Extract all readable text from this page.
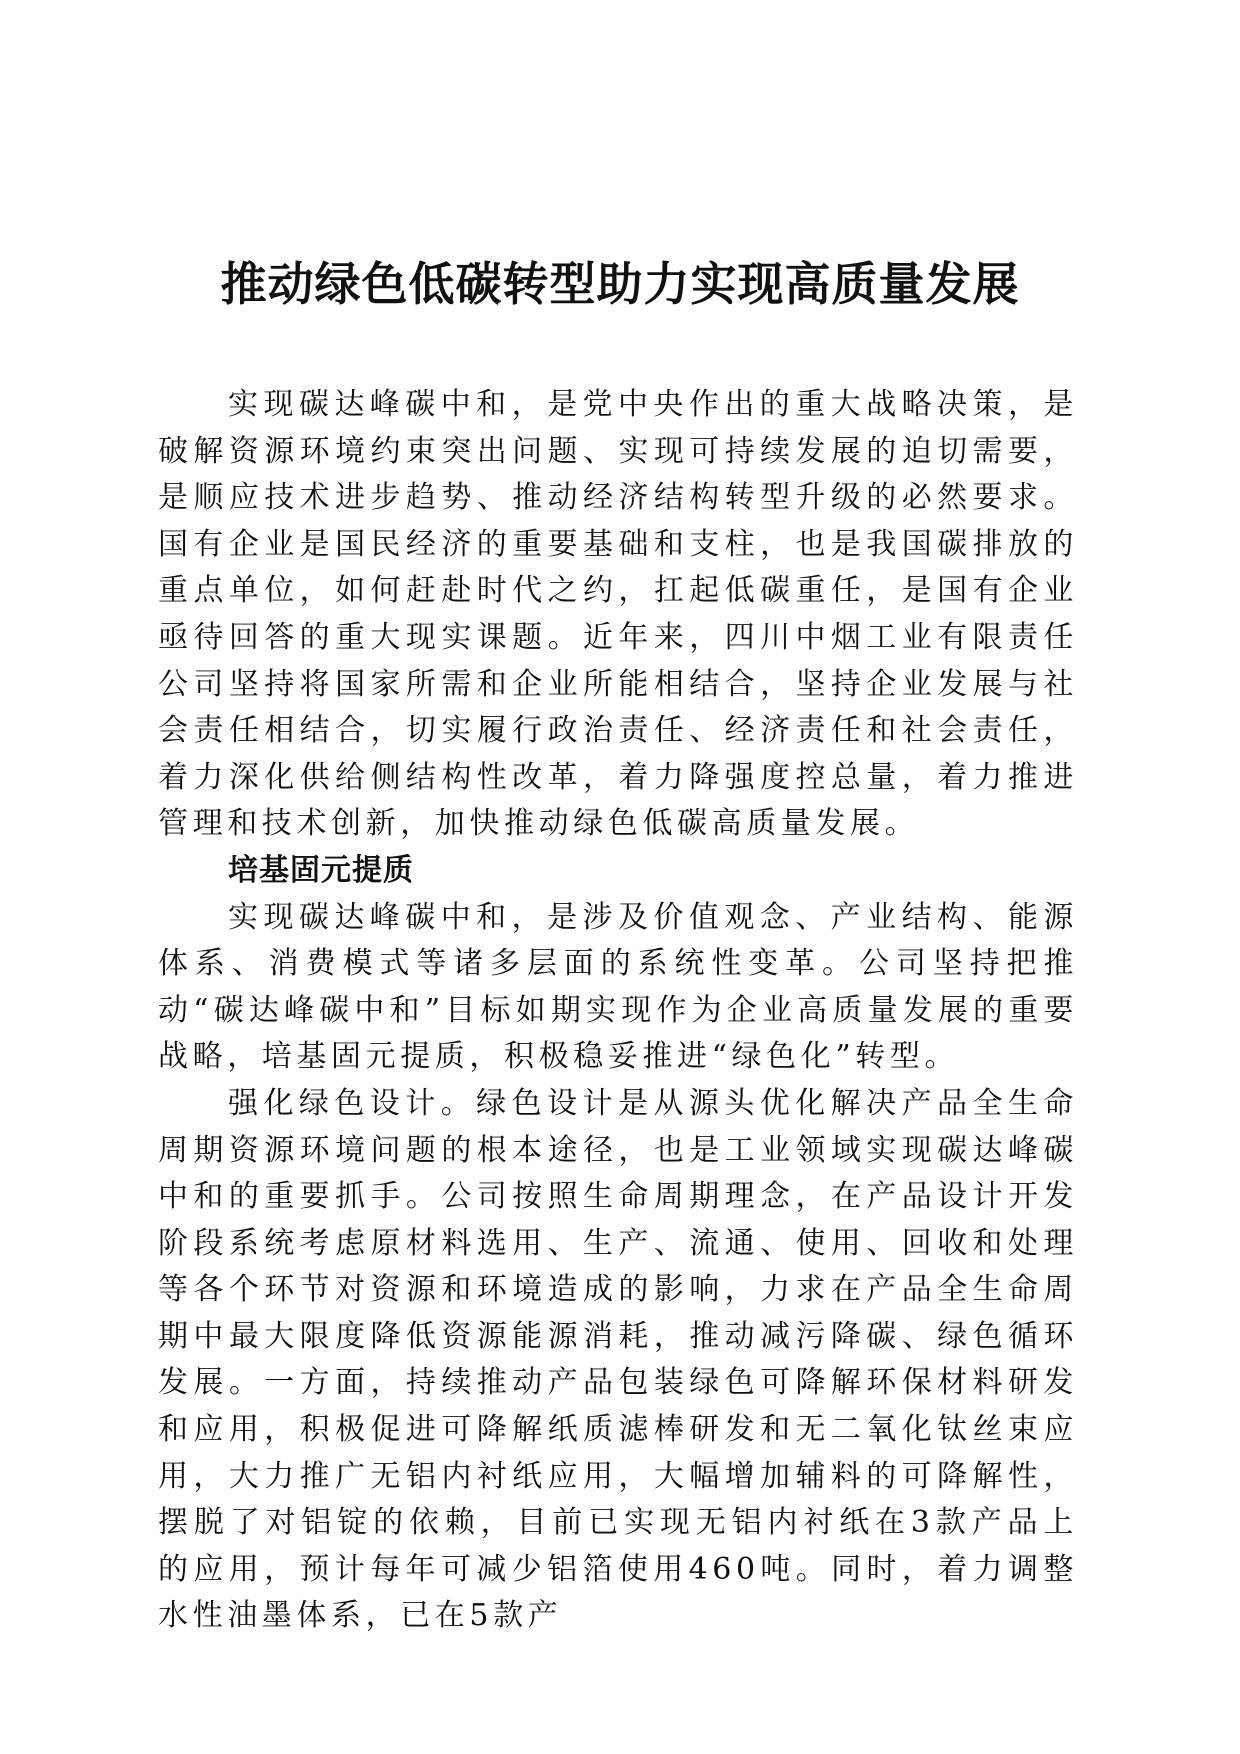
推动绿色低碳转型助力实现高质量发展

实现碳达峰碳中和，是党中央作出的重大战略决策，是破解资源环境约束突出问题、实现可持续发展的迫切需要，是顺应技术进步趋势、推动经济结构转型升级的必然要求。国有企业是国民经济的重要基础和支柱，也是我国碳排放的重点单位，如何赶赴时代之约，扛起低碳重任，是国有企业亟待回答的重大现实课题。近年来，四川中烟工业有限责任公司坚持将国家所需和企业所能相结合，坚持企业发展与社会责任相结合，切实履行政治责任、经济责任和社会责任，着力深化供给侧结构性改革，着力降强度控总量，着力推进管理和技术创新，加快推动绿色低碳高质量发展。

培基固元提质

实现碳达峰碳中和，是涉及价值观念、产业结构、能源体系、消费模式等诸多层面的系统性变革。公司坚持把推动“碳达峰碳中和”目标如期实现作为企业高质量发展的重要战略，培基固元提质，积极稳妥推进“绿色化”转型。

强化绿色设计。绿色设计是从源头优化解决产品全生命周期资源环境问题的根本途径，也是工业领域实现碳达峰碳中和的重要抓手。公司按照生命周期理念，在产品设计开发阶段系统考虑原材料选用、生产、流通、使用、回收和处理等各个环节对资源和环境造成的影响，力求在产品全生命周期中最大限度降低资源能源消耗，推动减污降碳、绿色循环发展。一方面，持续推动产品包装绿色可降解环保材料研发和应用，积极促进可降解纸质滤棒研发和无二氧化钛丝束应用，大力推广无铝内衬纸应用，大幅增加辅料的可降解性，摆脱了对铝锭的依赖，目前已实现无铝内衬纸在3款产品上的应用，预计每年可减少铝箔使用460吨。同时，着力调整水性油墨体系，已在5款产
